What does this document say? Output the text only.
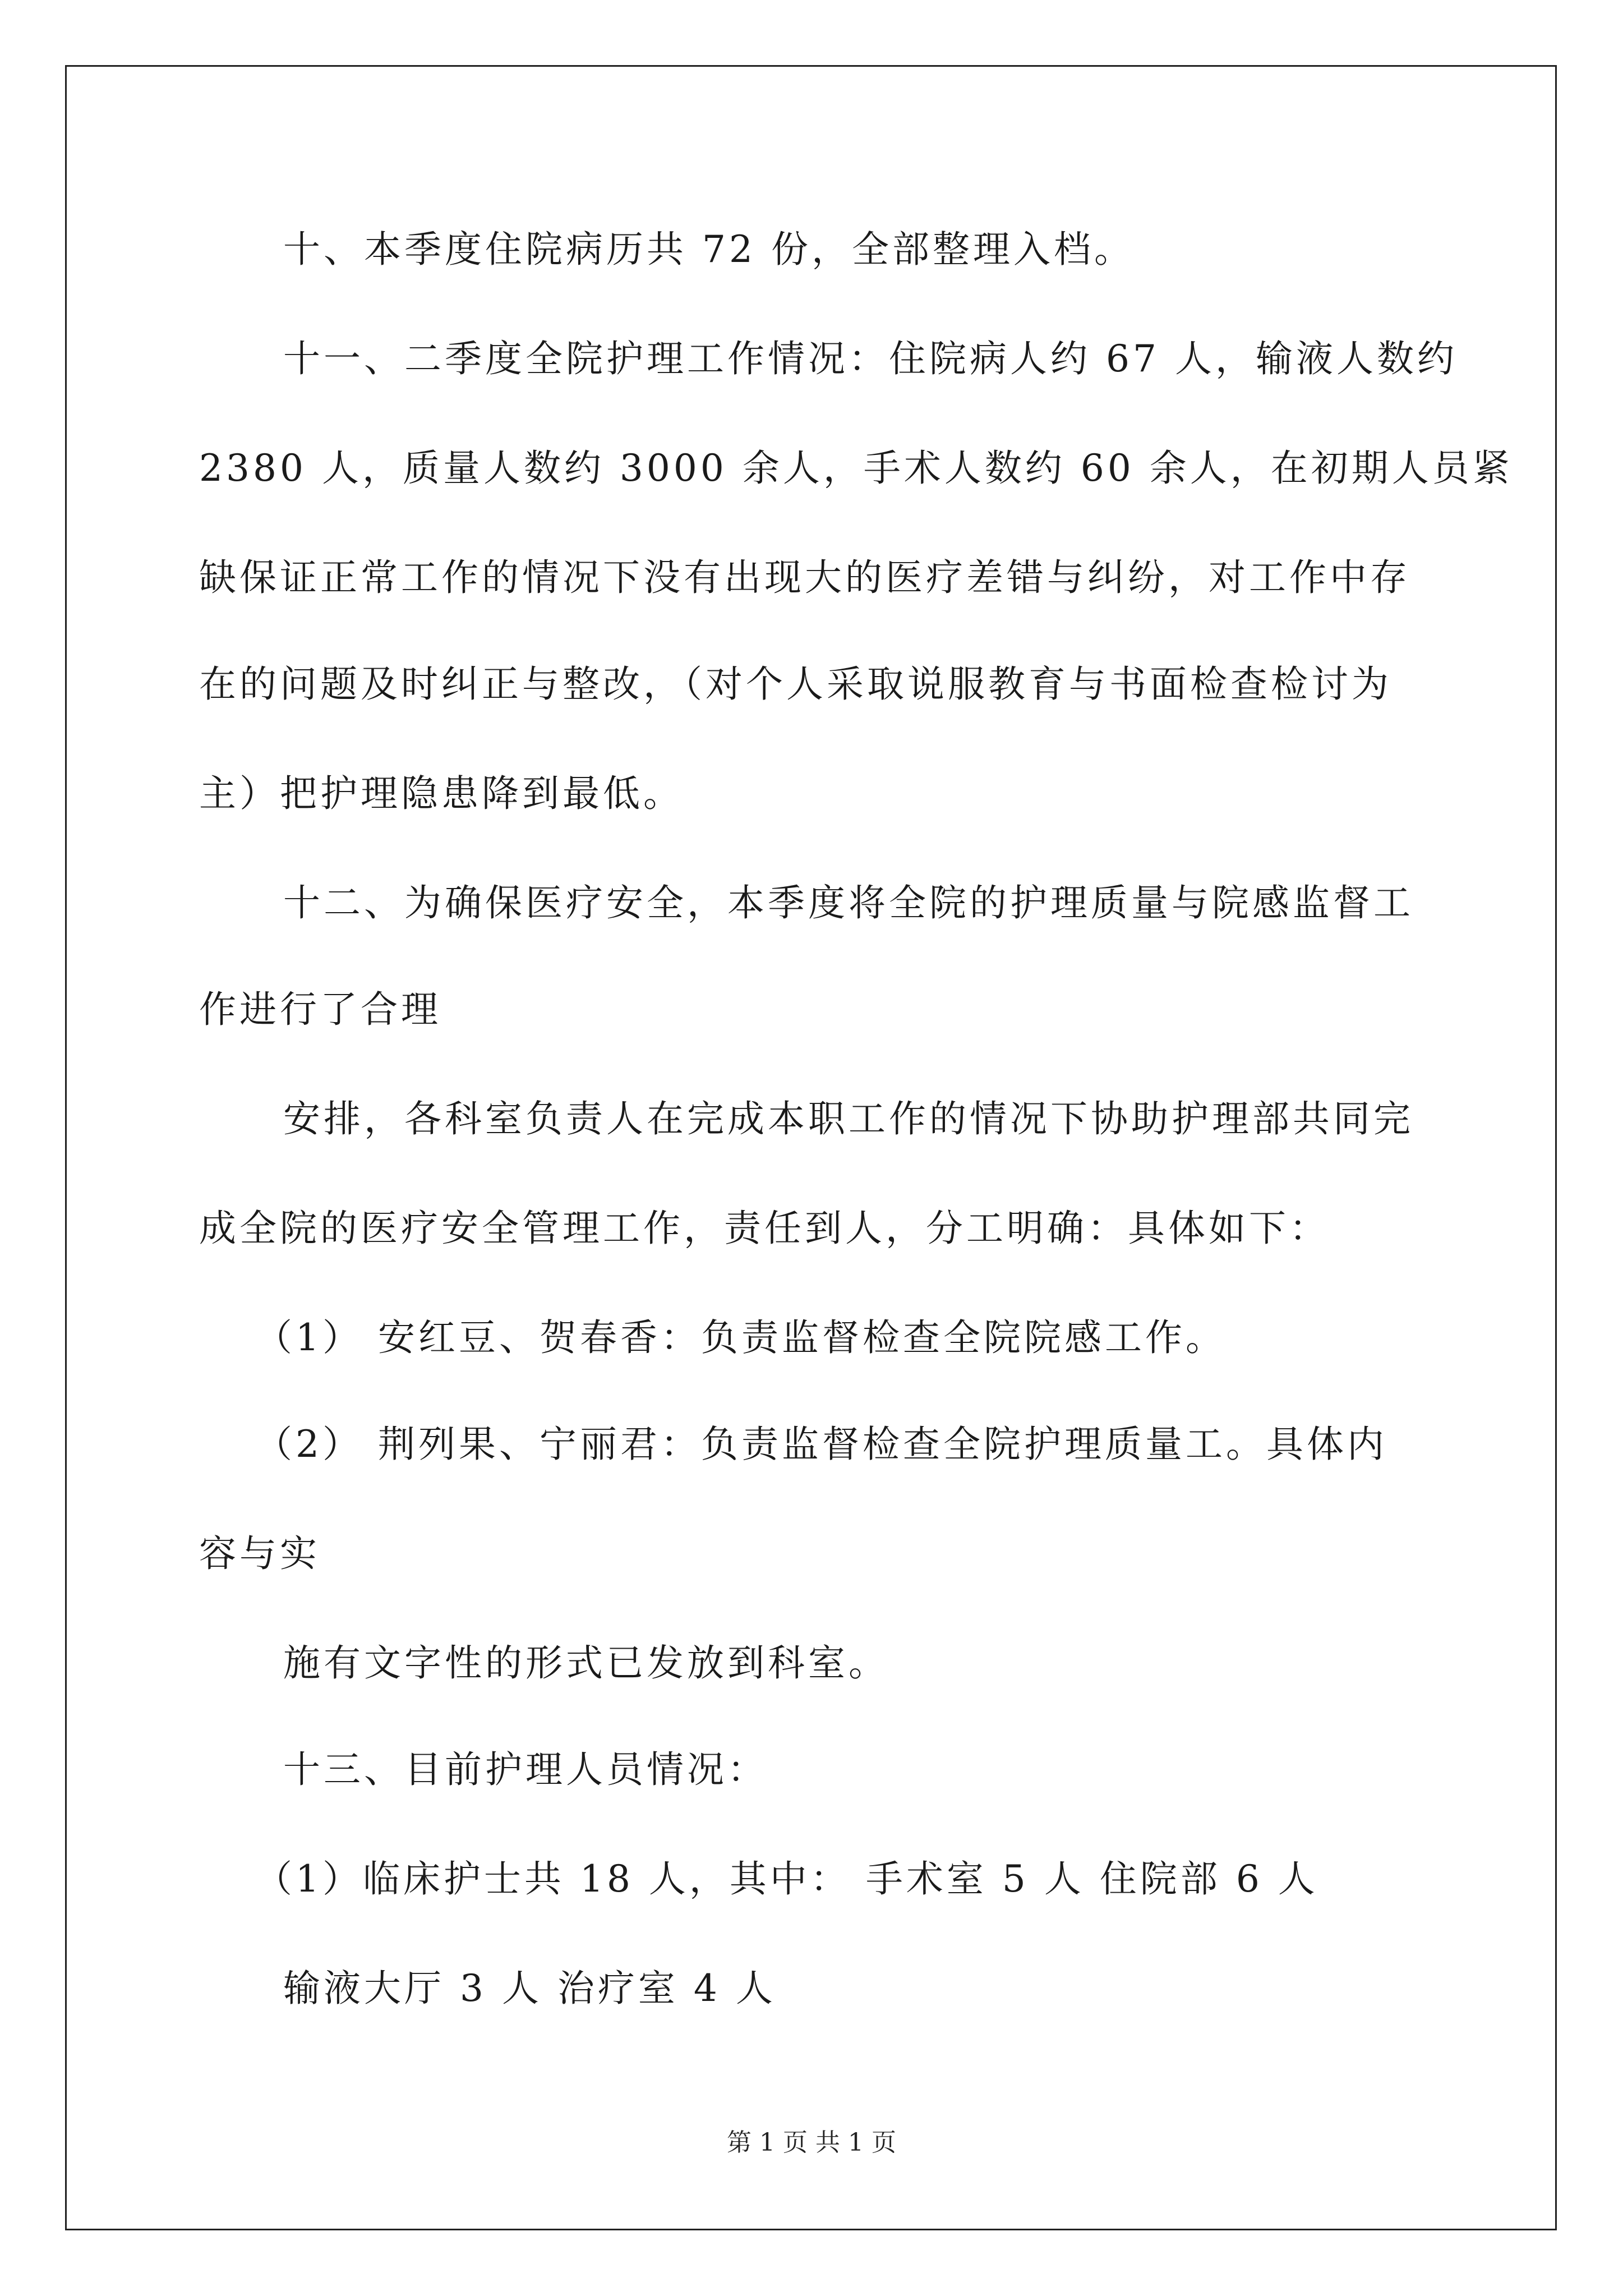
十、本季度住院病历共 72 份，全部整理入档。
十一、二季度全院护理工作情况：住院病人约 67 人，输液人数约
2380 人，质量人数约 3000 余人，手术人数约 60 余人，在初期人员紧
缺保证正常工作的情况下没有出现大的医疗差错与纠纷，对工作中存
在的问题及时纠正与整改，（对个人采取说服教育与书面检查检讨为
主）把护理隐患降到最低。
十二、为确保医疗安全，本季度将全院的护理质量与院感监督工
作进行了合理
安排，各科室负责人在完成本职工作的情况下协助护理部共同完
成全院的医疗安全管理工作，责任到人，分工明确：具体如下：
（1） 安红豆、贺春香：负责监督检查全院院感工作。
（2） 荆列果、宁丽君：负责监督检查全院护理质量工。具体内
容与实
施有文字性的形式已发放到科室。
十三、目前护理人员情况：
（1）临床护士共 18 人，其中： 手术室 5 人 住院部 6 人
输液大厅 3 人 治疗室 4 人
第 1 页 共 1 页
